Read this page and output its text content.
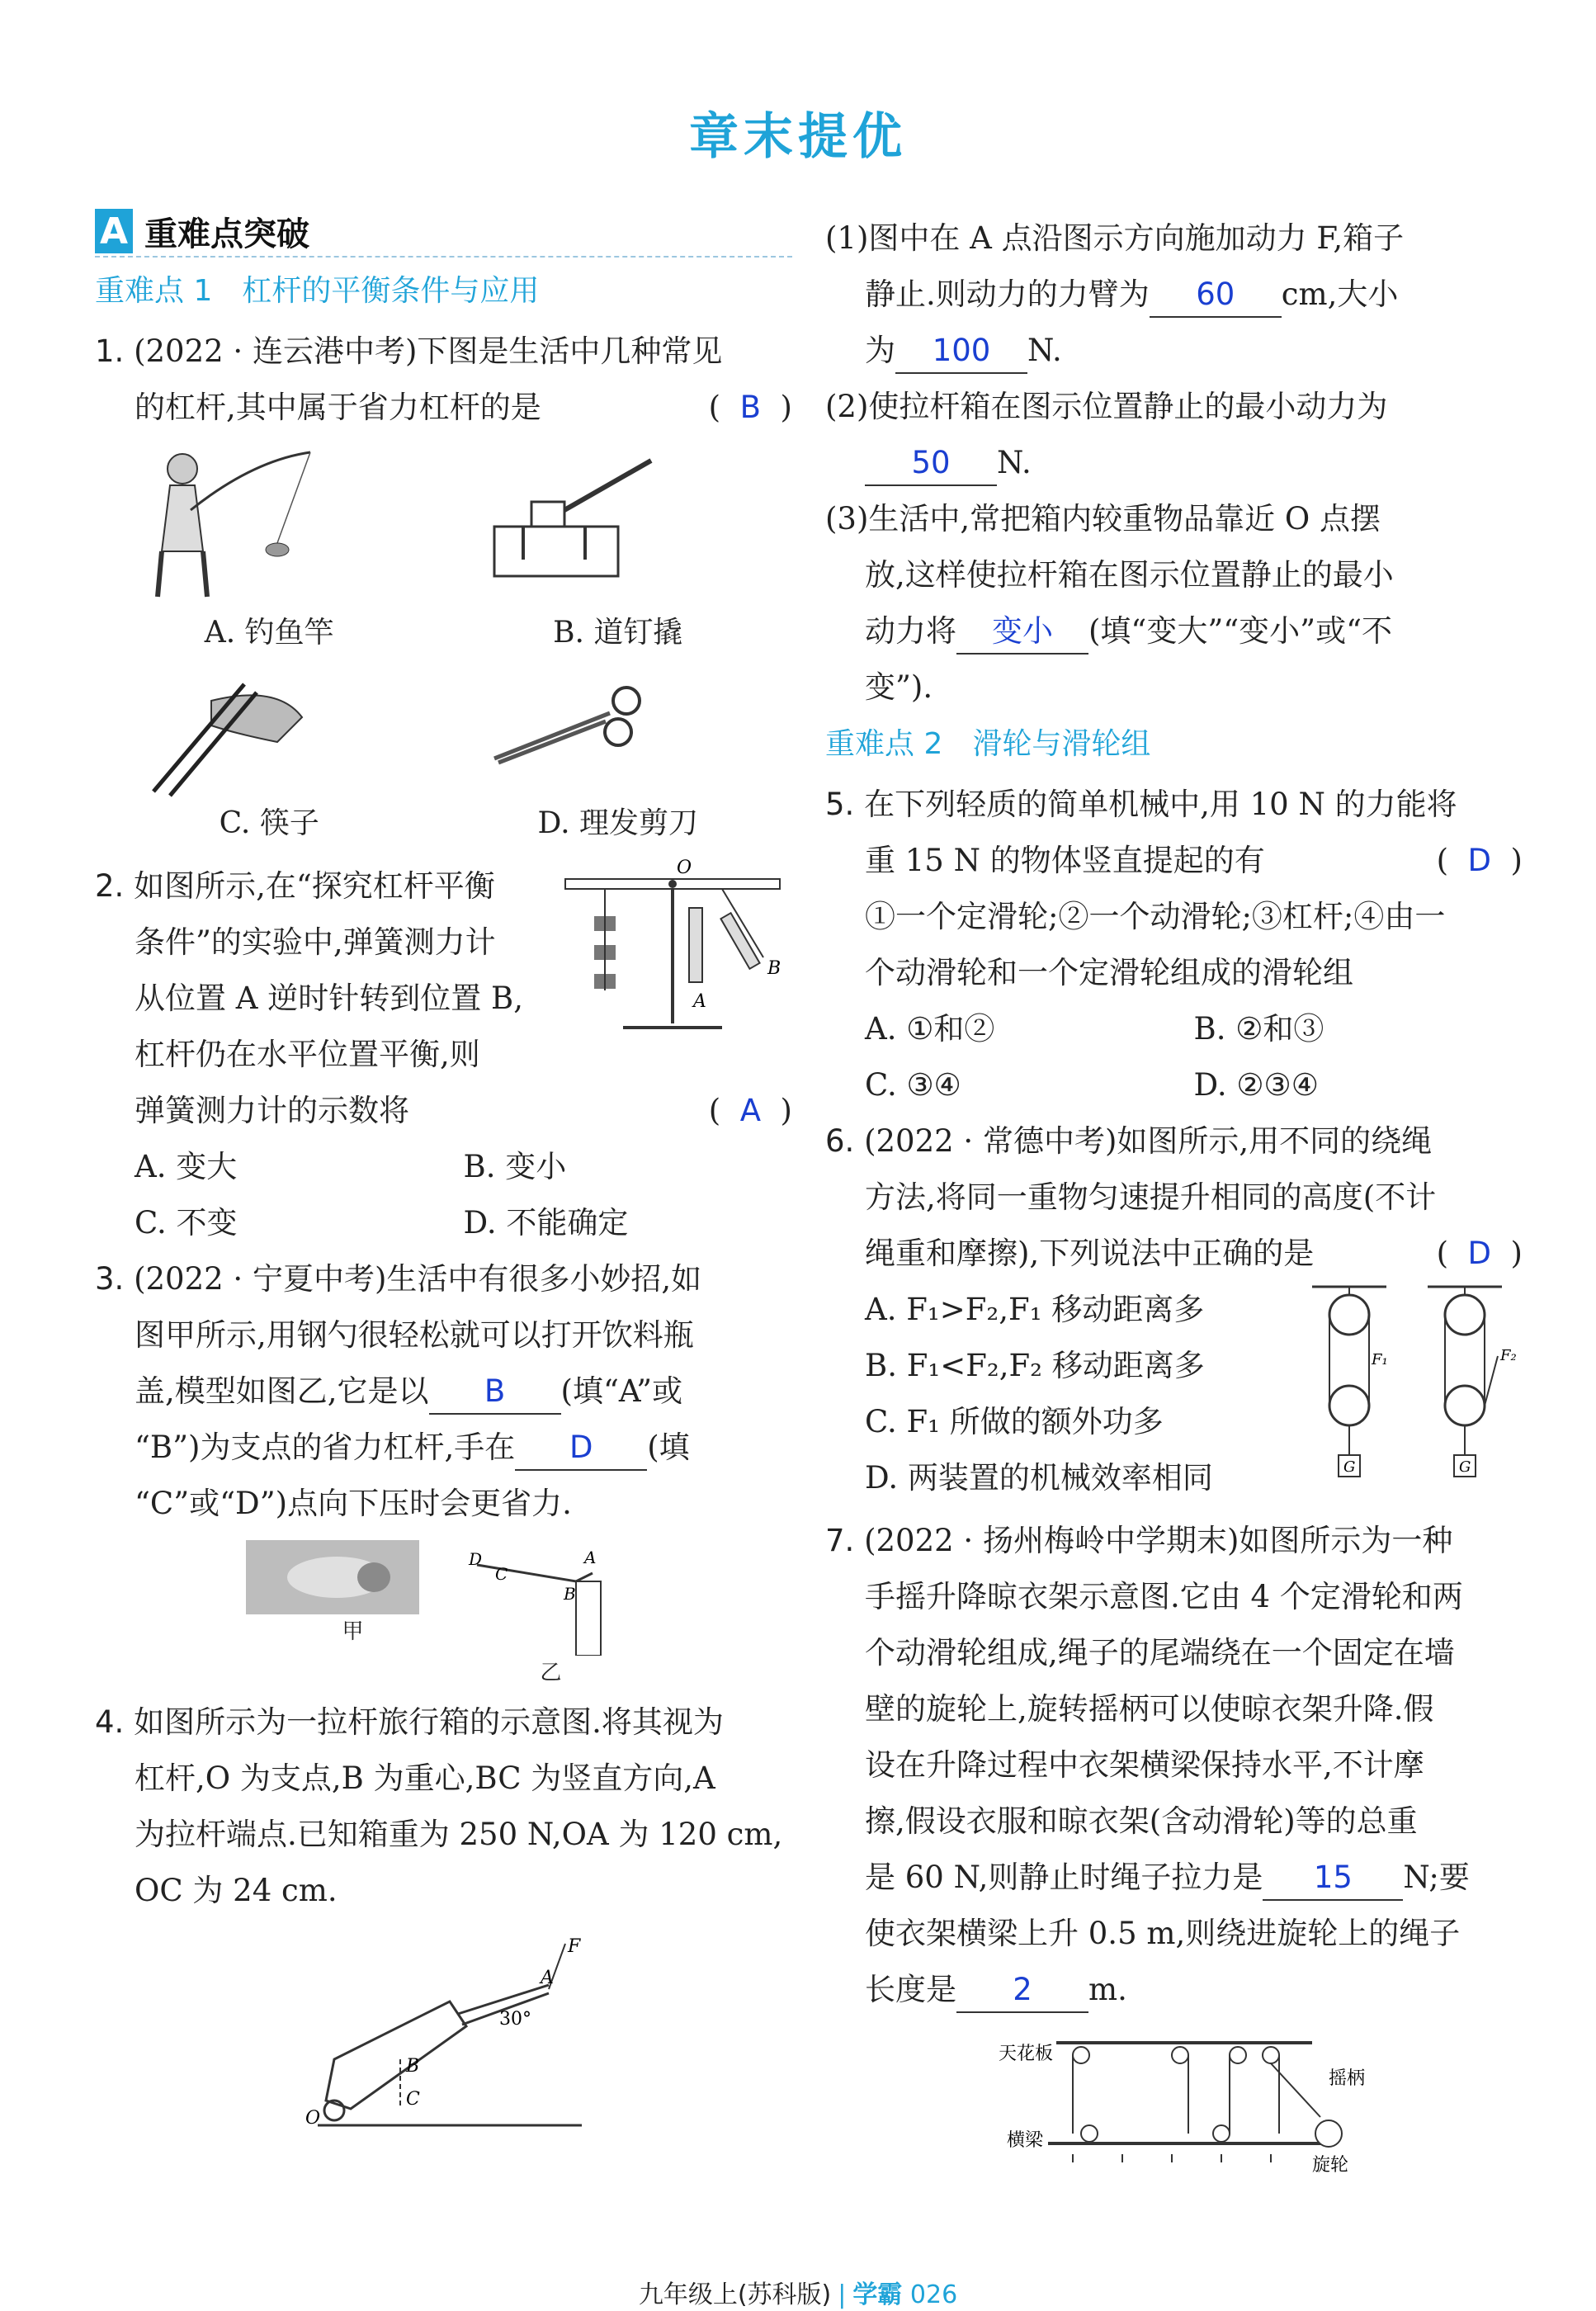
章末提优
A 重难点突破
重难点 1 杠杆的平衡条件与应用
1. (2022 · 连云港中考)下图是生活中几种常见
的杠杆,其中属于省力杠杆的是	(  B  )
A. 钓鱼竿	B. 道钉撬
C. 筷子	D. 理发剪刀
2. 如图所示,在“探究杠杆平衡
条件”的实验中,弹簧测力计
从位置 A 逆时针转到位置 B,
杠杆仍在水平位置平衡,则
弹簧测力计的示数将	(  A  )
O
A
B
A. 变大	B. 变小
C. 不变	D. 不能确定
3. (2022 · 宁夏中考)生活中有很多小妙招,如
图甲所示,用钢勺很轻松就可以打开饮料瓶
盖,模型如图乙,它是以 B (填“A”或
“B”)为支点的省力杠杆,手在 D (填
“C”或“D”)点向下压时会更省力.
甲
D
C
A
B
乙
4. 如图所示为一拉杆旅行箱的示意图.将其视为
杠杆,O 为支点,B 为重心,BC 为竖直方向,A
为拉杆端点.已知箱重为 250 N,OA 为 120 cm,
OC 为 24 cm.
F
A
B
C
O
30°
(1)图中在 A 点沿图示方向施加动力 F,箱子
静止.则动力的力臂为 60 cm,大小
为 100 N.
(2)使拉杆箱在图示位置静止的最小动力为
50 N.
(3)生活中,常把箱内较重物品靠近 O 点摆
放,这样使拉杆箱在图示位置静止的最小
动力将 变小 (填“变大”“变小”或“不
变”).
重难点 2 滑轮与滑轮组
5. 在下列轻质的简单机械中,用 10 N 的力能将
重 15 N 的物体竖直提起的有	(  D  )
①一个定滑轮;②一个动滑轮;③杠杆;④由一
个动滑轮和一个定滑轮组成的滑轮组
A. ①和②	B. ②和③
C. ③④	D. ②③④
6. (2022 · 常德中考)如图所示,用不同的绕绳
方法,将同一重物匀速提升相同的高度(不计
绳重和摩擦),下列说法中正确的是	(  D  )
A. F₁>F₂,F₁ 移动距离多
B. F₁<F₂,F₂ 移动距离多
C. F₁ 所做的额外功多
D. 两装置的机械效率相同	G
F₁
G
F₂
7. (2022 · 扬州梅岭中学期末)如图所示为一种
手摇升降晾衣架示意图.它由 4 个定滑轮和两
个动滑轮组成,绳子的尾端绕在一个固定在墙
壁的旋轮上,旋转摇柄可以使晾衣架升降.假
设在升降过程中衣架横梁保持水平,不计摩
擦,假设衣服和晾衣架(含动滑轮)等的总重
是 60 N,则静止时绳子拉力是 15 N;要
使衣架横梁上升 0.5 m,则绕进旋轮上的绳子
长度是 2 m.
天花板
摇柄
横梁
旋轮
九年级上(苏科版) | 学霸 026
